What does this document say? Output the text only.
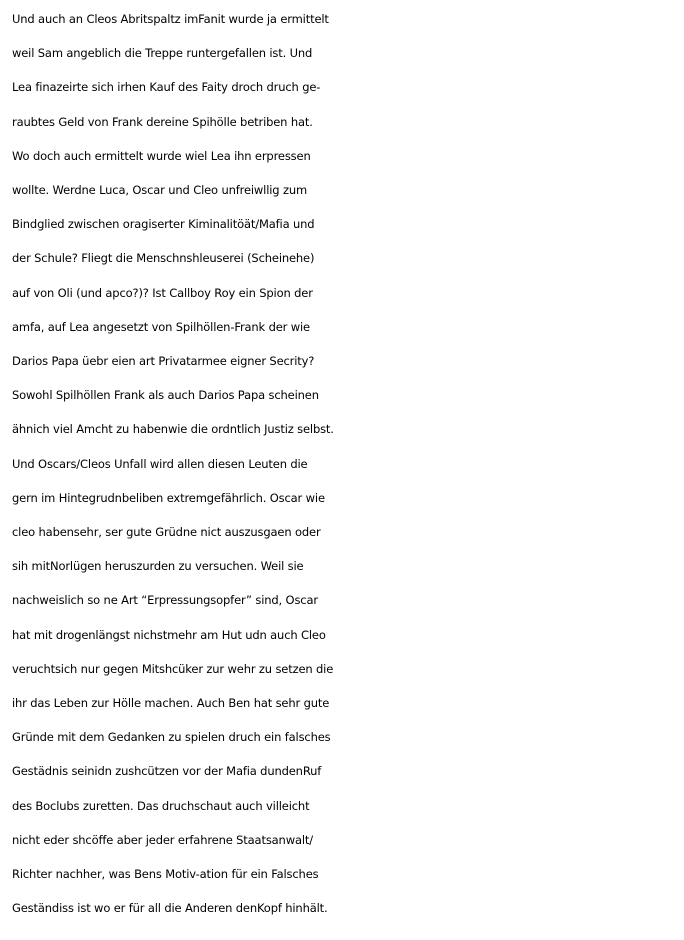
Und auch an Cleos Abritspaltz imFanit wurde ja ermittelt
weil Sam angeblich die Treppe runtergefallen ist. Und
Lea finazeirte sich irhen Kauf des Faity droch druch ge-
raubtes Geld von Frank dereine Spihölle betriben hat.
Wo doch auch ermittelt wurde wiel Lea ihn erpressen
wollte. Werdne Luca, Oscar und Cleo unfreiwllig zum
Bindglied zwischen oragiserter Kiminalitöät/Mafia und
der Schule? Fliegt die Menschnshleuserei (Scheinehe)
auf von Oli (und apco?)? Ist Callboy Roy ein Spion der
amfa, auf Lea angesetzt von Spilhöllen-Frank der wie
Darios Papa üebr eien art Privatarmee eigner Secrity?
Sowohl Spilhöllen Frank als auch Darios Papa scheinen
ähnich viel Amcht zu habenwie die ordntlich Justiz selbst.
Und Oscars/Cleos Unfall wird allen diesen Leuten die
gern im Hintegrudnbeliben extremgefährlich. Oscar wie
cleo habensehr, ser gute Grüdne nict auszusgaen oder
sih mitNorlügen heruszurden zu versuchen. Weil sie
nachweislich so ne Art “Erpressungsopfer” sind, Oscar
hat mit drogenlängst nichstmehr am Hut udn auch Cleo
veruchtsich nur gegen Mitshcüker zur wehr zu setzen die
ihr das Leben zur Hölle machen. Auch Ben hat sehr gute
Gründe mit dem Gedanken zu spielen druch ein falsches
Gestädnis seinidn zushcützen vor der Mafia dundenRuf
des Boclubs zuretten. Das druchschaut auch villeicht
nicht eder shcöffe aber jeder erfahrene Staatsanwalt/
Richter nachher, was Bens Motiv-ation für ein Falsches
Geständiss ist wo er für all die Anderen denKopf hinhält.
